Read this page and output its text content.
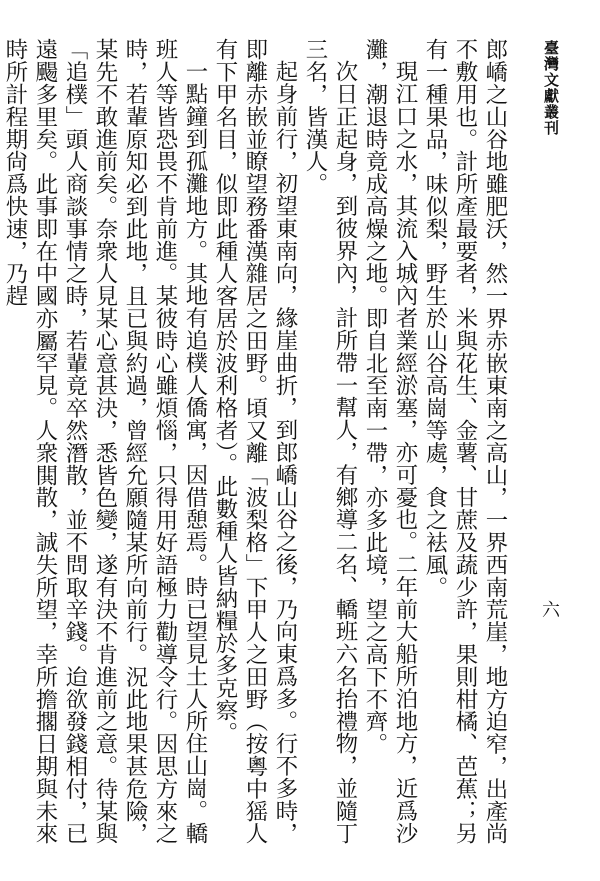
臺灣文獻叢刊
六

郎嶠之山谷地雖肥沃，然一界赤嵌東南之高山，一界西南荒崖，地方迫窄，出產尚不敷用也。計所產最要者，米與花生、金薯、甘蔗及蔬少許，果則柑橘、芭蕉；另有一種果品，味似梨，野生於山谷高崗等處，食之袪風。

現江口之水，其流入城內者業經淤塞，亦可憂也。二年前大船所泊地方，近爲沙灘，潮退時竟成高燥之地。即自北至南一帶，亦多此境，望之高下不齊。

次日正起身，到彼界內，計所帶一幫人，有鄉導二名、轎班六名抬禮物，並隨丁三名，皆漢人。

起身前行，初望東南向，緣崖曲折，到郎嶠山谷之後，乃向東爲多。行不多時，即離赤嵌並瞭望務番漢雜居之田野。頃又離「波梨格」下甲人之田野（按粵中猺人有下甲名目，似即此種人客居於波利格者）。此數種人皆納糧於多克察。

一點鐘到孤灘地方。其地有追樸人僑寓，因借憩焉。時已望見土人所住山崗。轎班人等皆恐畏不肯前進。某彼時心雖煩惱，只得用好語極力勸導令行。因思方來之時，若輩原知必到此地，且已與約過，曾經允願隨某所向前行。況此地果甚危險，某先不敢進前矣。奈衆人見某心意甚決，悉皆色變，遂有決不肯進前之意。待某與「追樸」頭人商談事情之時，若輩竟卒然潛散，並不問取辛錢。迨欲發錢相付，已遠颺多里矣。此事即在中國亦屬罕見。人衆閧散，誠失所望，幸所擔擱日期與未來時所計程期尙爲快速，乃趕
